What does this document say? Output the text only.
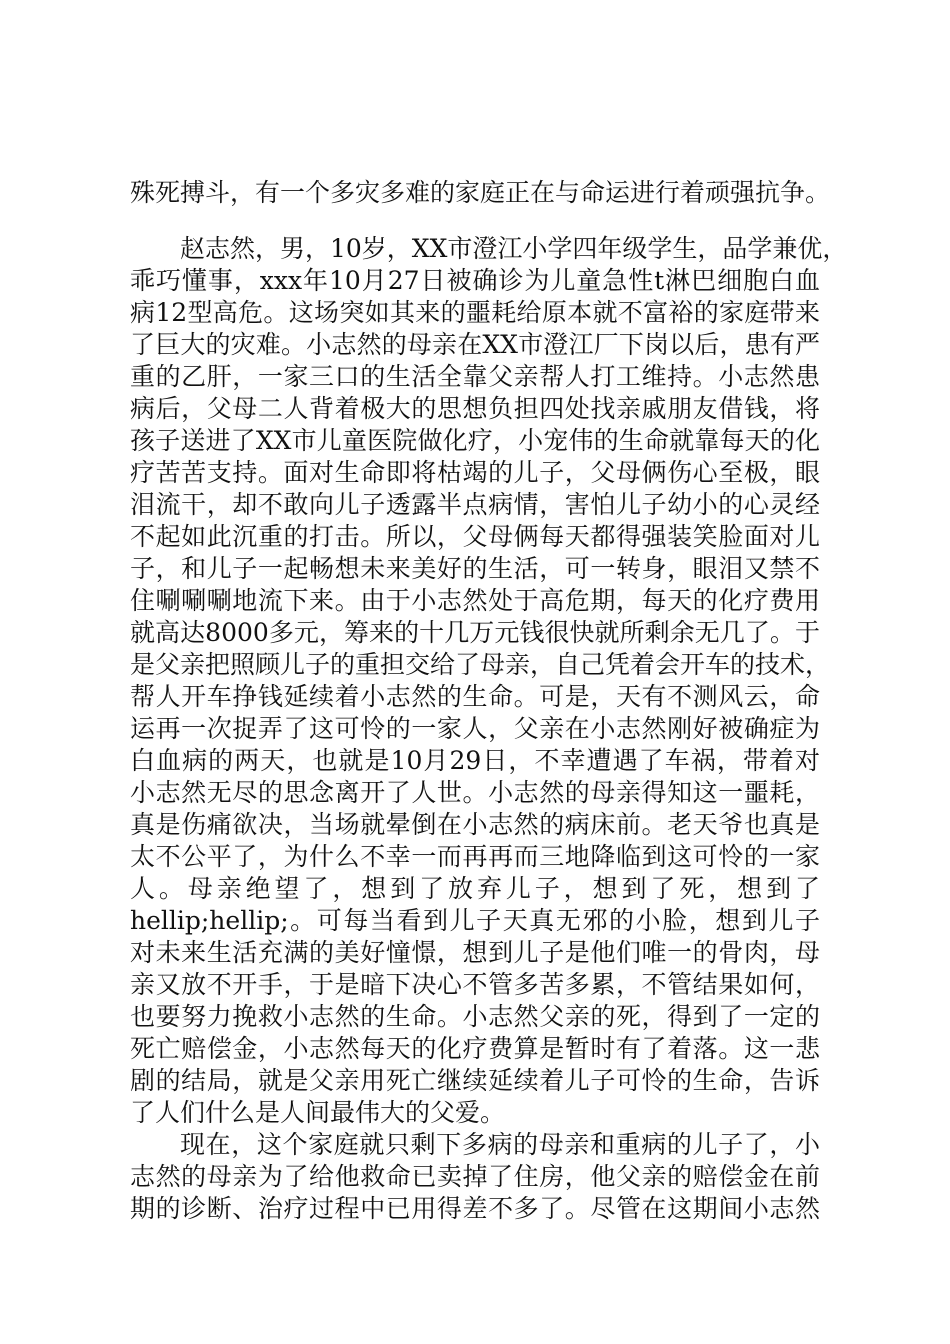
殊死搏斗，有一个多灾多难的家庭正在与命运进行着顽强抗争。
赵志然，男，10岁，XX市澄江小学四年级学生，品学兼优，
乖巧懂事，xxx年10月27日被确诊为儿童急性t淋巴细胞白血
病12型高危。这场突如其来的噩耗给原本就不富裕的家庭带来
了巨大的灾难。小志然的母亲在XX市澄江厂下岗以后，患有严
重的乙肝，一家三口的生活全靠父亲帮人打工维持。小志然患
病后，父母二人背着极大的思想负担四处找亲戚朋友借钱，将
孩子送进了XX市儿童医院做化疗，小宠伟的生命就靠每天的化
疗苦苦支持。面对生命即将枯竭的儿子，父母俩伤心至极，眼
泪流干，却不敢向儿子透露半点病情，害怕儿子幼小的心灵经
不起如此沉重的打击。所以，父母俩每天都得强装笑脸面对儿
子，和儿子一起畅想未来美好的生活，可一转身，眼泪又禁不
住唰唰唰地流下来。由于小志然处于高危期，每天的化疗费用
就高达8000多元，筹来的十几万元钱很快就所剩余无几了。于
是父亲把照顾儿子的重担交给了母亲，自己凭着会开车的技术，
帮人开车挣钱延续着小志然的生命。可是，天有不测风云，命
运再一次捉弄了这可怜的一家人，父亲在小志然刚好被确症为
白血病的两天，也就是10月29日，不幸遭遇了车祸，带着对
小志然无尽的思念离开了人世。小志然的母亲得知这一噩耗，
真是伤痛欲决，当场就晕倒在小志然的病床前。老天爷也真是
太不公平了，为什么不幸一而再再而三地降临到这可怜的一家
人。母亲绝望了，想到了放弃儿子，想到了死，想到了
hellip;hellip;。可每当看到儿子天真无邪的小脸，想到儿子
对未来生活充满的美好憧憬，想到儿子是他们唯一的骨肉，母
亲又放不开手，于是暗下决心不管多苦多累，不管结果如何，
也要努力挽救小志然的生命。小志然父亲的死，得到了一定的
死亡赔偿金，小志然每天的化疗费算是暂时有了着落。这一悲
剧的结局，就是父亲用死亡继续延续着儿子可怜的生命，告诉
了人们什么是人间最伟大的父爱。
现在，这个家庭就只剩下多病的母亲和重病的儿子了，小
志然的母亲为了给他救命已卖掉了住房，他父亲的赔偿金在前
期的诊断、治疗过程中已用得差不多了。尽管在这期间小志然
